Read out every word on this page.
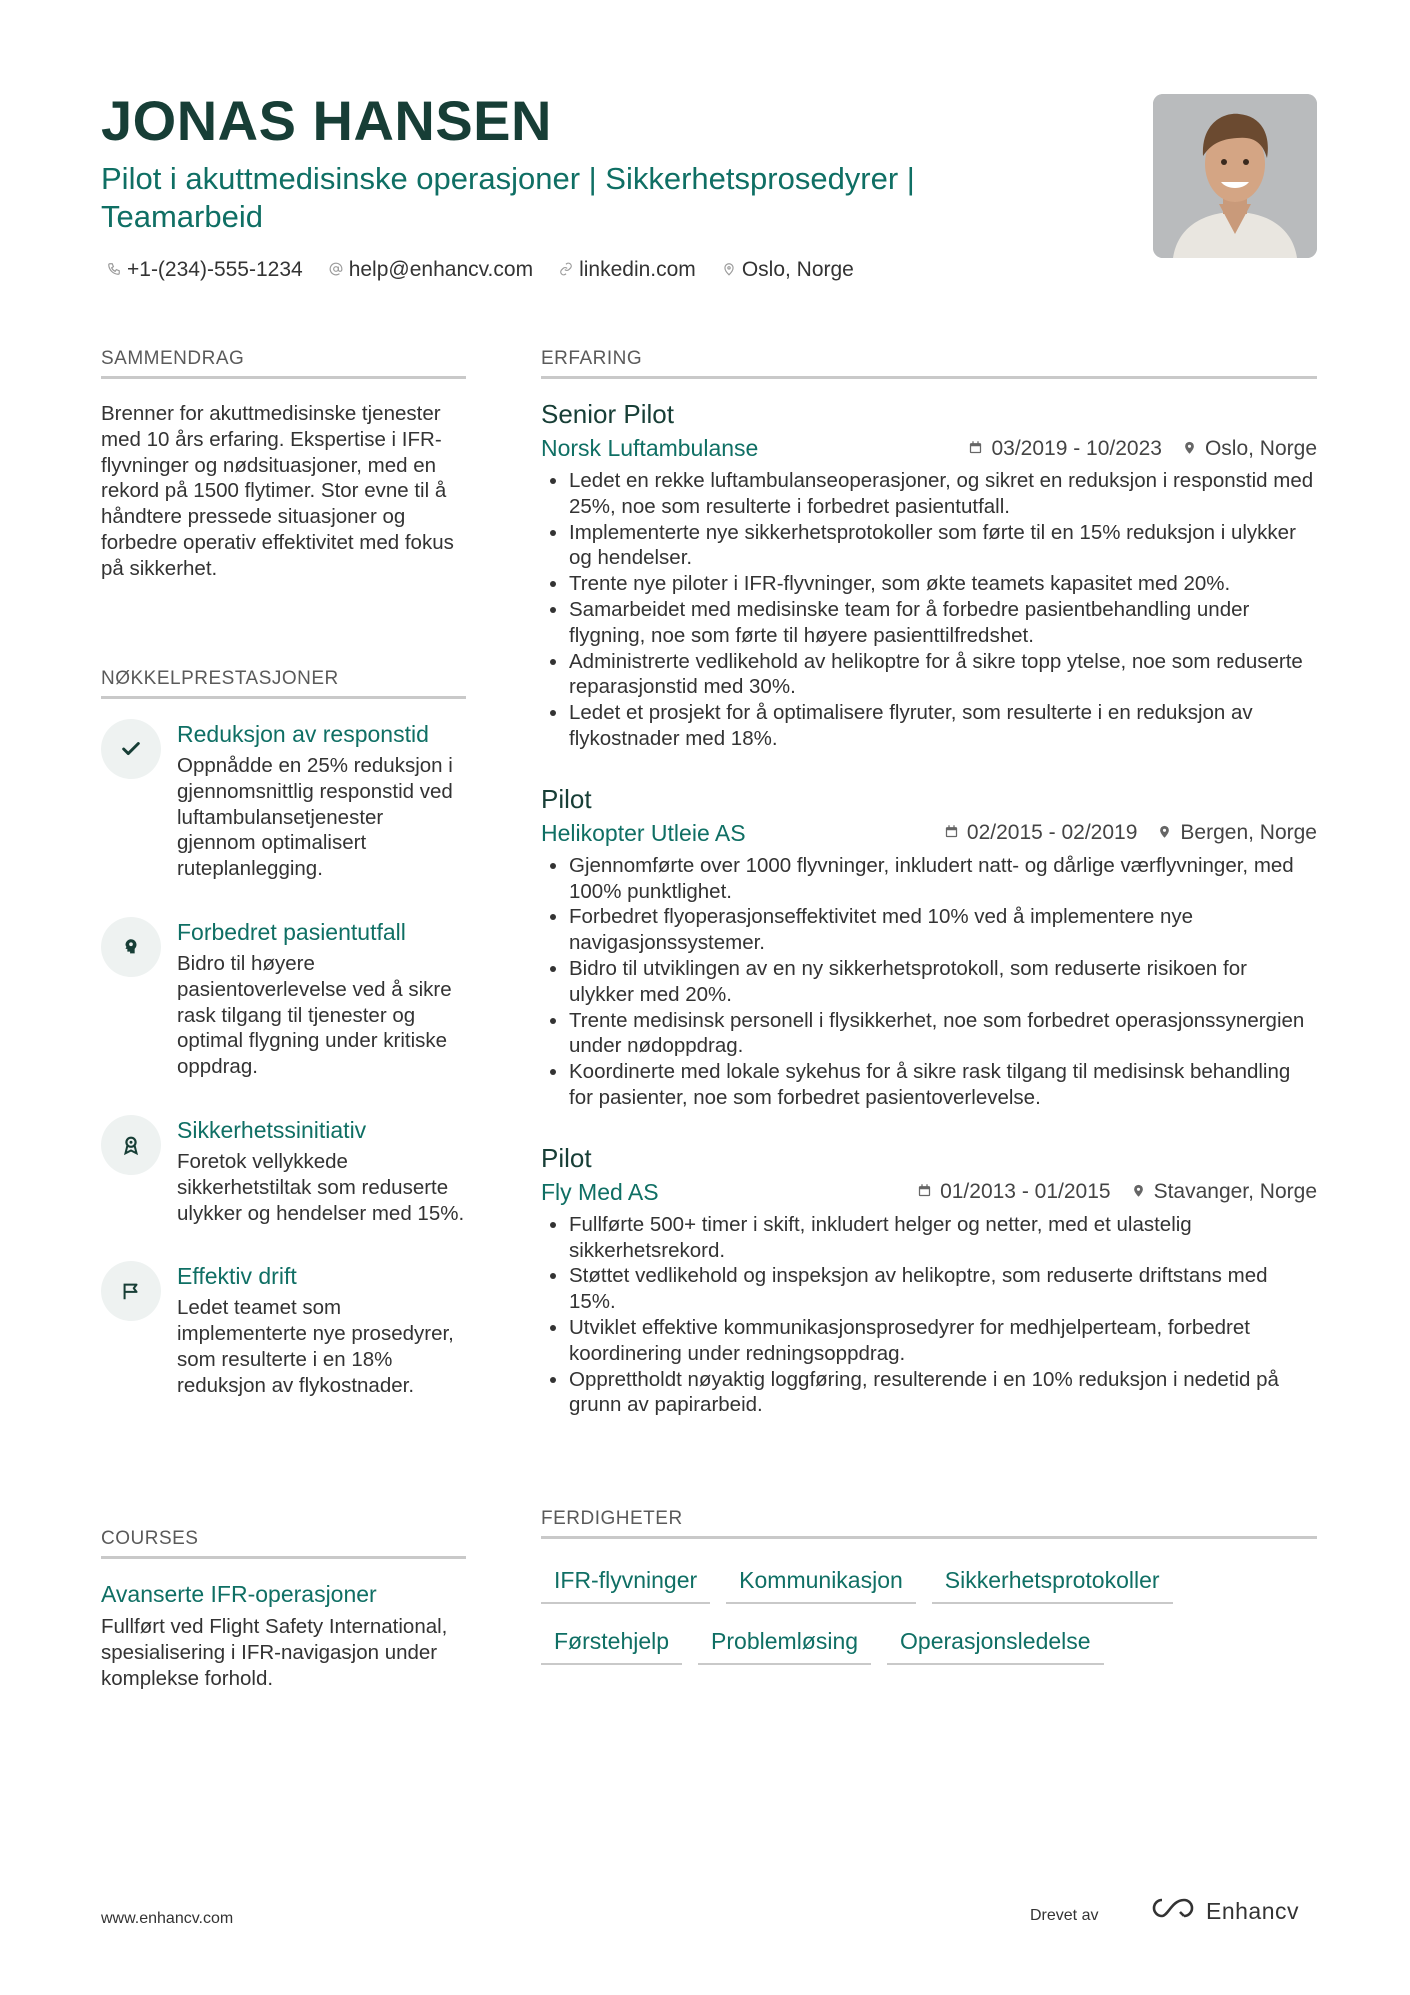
JONAS HANSEN
Pilot i akuttmedisinske operasjoner | Sikkerhetsprosedyrer | Teamarbeid
+1-(234)-555-1234 help@enhancv.com linkedin.com Oslo, Norge
SAMMENDRAG
Brenner for akuttmedisinske tjenester med 10 års erfaring. Ekspertise i IFR-flyvninger og nødsituasjoner, med en rekord på 1500 flytimer. Stor evne til å håndtere pressede situasjoner og forbedre operativ effektivitet med fokus på sikkerhet.
NØKKELPRESTASJONER
Reduksjon av responstid
Oppnådde en 25% reduksjon i gjennomsnittlig responstid ved luftambulansetjenester gjennom optimalisert ruteplanlegging.
Forbedret pasientutfall
Bidro til høyere pasientoverlevelse ved å sikre rask tilgang til tjenester og optimal flygning under kritiske oppdrag.
Sikkerhetssinitiativ
Foretok vellykkede sikkerhetstiltak som reduserte ulykker og hendelser med 15%.
Effektiv drift
Ledet teamet som implementerte nye prosedyrer, som resulterte i en 18% reduksjon av flykostnader.
COURSES
Avanserte IFR-operasjoner
Fullført ved Flight Safety International, spesialisering i IFR-navigasjon under komplekse forhold.
ERFARING
Senior Pilot
Norsk Luftambulanse	03/2019 - 10/2023 Oslo, Norge
• Ledet en rekke luftambulanseoperasjoner, og sikret en reduksjon i responstid med 25%, noe som resulterte i forbedret pasientutfall.
• Implementerte nye sikkerhetsprotokoller som førte til en 15% reduksjon i ulykker og hendelser.
• Trente nye piloter i IFR-flyvninger, som økte teamets kapasitet med 20%.
• Samarbeidet med medisinske team for å forbedre pasientbehandling under flygning, noe som førte til høyere pasienttilfredshet.
• Administrerte vedlikehold av helikoptre for å sikre topp ytelse, noe som reduserte reparasjonstid med 30%.
• Ledet et prosjekt for å optimalisere flyruter, som resulterte i en reduksjon av flykostnader med 18%.
Pilot
Helikopter Utleie AS	02/2015 - 02/2019 Bergen, Norge
• Gjennomførte over 1000 flyvninger, inkludert natt- og dårlige værflyvninger, med 100% punktlighet.
• Forbedret flyoperasjonseffektivitet med 10% ved å implementere nye navigasjonssystemer.
• Bidro til utviklingen av en ny sikkerhetsprotokoll, som reduserte risikoen for ulykker med 20%.
• Trente medisinsk personell i flysikkerhet, noe som forbedret operasjonssynergien under nødoppdrag.
• Koordinerte med lokale sykehus for å sikre rask tilgang til medisinsk behandling for pasienter, noe som forbedret pasientoverlevelse.
Pilot
Fly Med AS	01/2013 - 01/2015 Stavanger, Norge
• Fullførte 500+ timer i skift, inkludert helger og netter, med et ulastelig sikkerhetsrekord.
• Støttet vedlikehold og inspeksjon av helikoptre, som reduserte driftstans med 15%.
• Utviklet effektive kommunikasjonsprosedyrer for medhjelperteam, forbedret koordinering under redningsoppdrag.
• Opprettholdt nøyaktig loggføring, resulterende i en 10% reduksjon i nedetid på grunn av papirarbeid.
FERDIGHETER
IFR-flyvninger	Kommunikasjon	Sikkerhetsprotokoller
Førstehjelp	Problemløsing	Operasjonsledelse
www.enhancv.com	Drevet av	Enhancv
